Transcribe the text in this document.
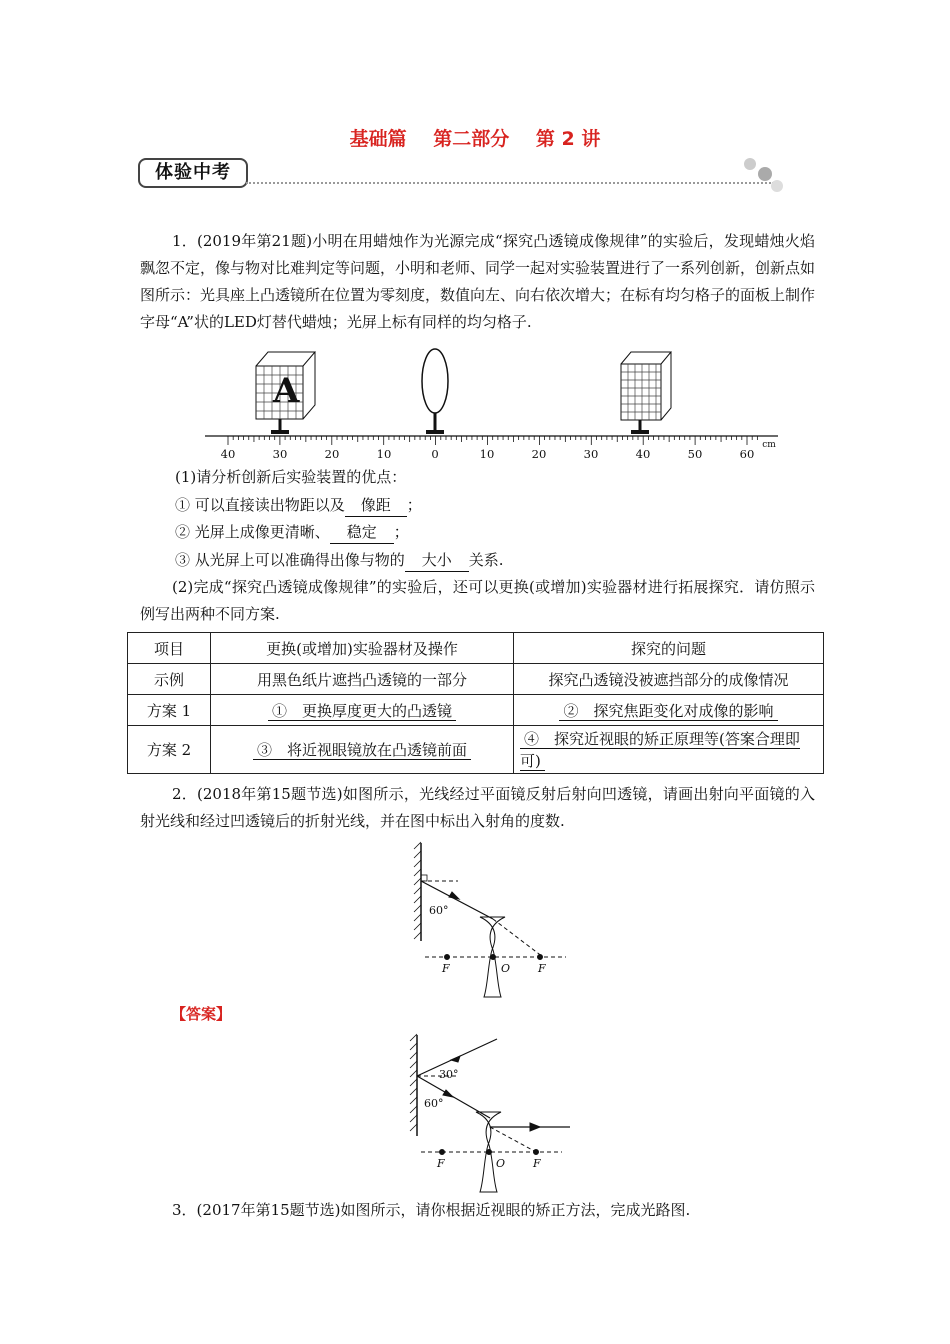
基础篇 第二部分 第 2 讲
体验中考
1．(2019年第21题)小明在用蜡烛作为光源完成“探究凸透镜成像规律”的实验后，发现蜡烛火焰飘忽不定，像与物对比难判定等问题，小明和老师、同学一起对实验装置进行了一系列创新，创新点如图所示：光具座上凸透镜所在位置为零刻度，数值向左、向右依次增大；在标有均匀格子的面板上制作字母“A”状的LED灯替代蜡烛；光屏上标有同样的均匀格子.
A
40	30	20	10	0	10	20	30	40	50	60
cm
(1)请分析创新后实验装置的优点：
① 可以直接读出物距以及 像距 ；
② 光屏上成像更清晰、 稳定 ；
③ 从光屏上可以准确得出像与物的 大小 关系.
(2)完成“探究凸透镜成像规律”的实验后，还可以更换(或增加)实验器材进行拓展探究．请仿照示例写出两种不同方案.
项目	更换(或增加)实验器材及操作	探究的问题
示例	用黑色纸片遮挡凸透镜的一部分	探究凸透镜没被遮挡部分的成像情况
方案 1	①　更换厚度更大的凸透镜	②　探究焦距变化对成像的影响
方案 2	③　将近视眼镜放在凸透镜前面	④　探究近视眼的矫正原理等(答案合理即可)
2．(2018年第15题节选)如图所示，光线经过平面镜反射后射向凹透镜，请画出射向平面镜的入射光线和经过凹透镜后的折射光线，并在图中标出入射角的度数.
60°
F	O	F
30°
60°
F	O	F
【答案】
3．(2017年第15题节选)如图所示，请你根据近视眼的矫正方法，完成光路图.
